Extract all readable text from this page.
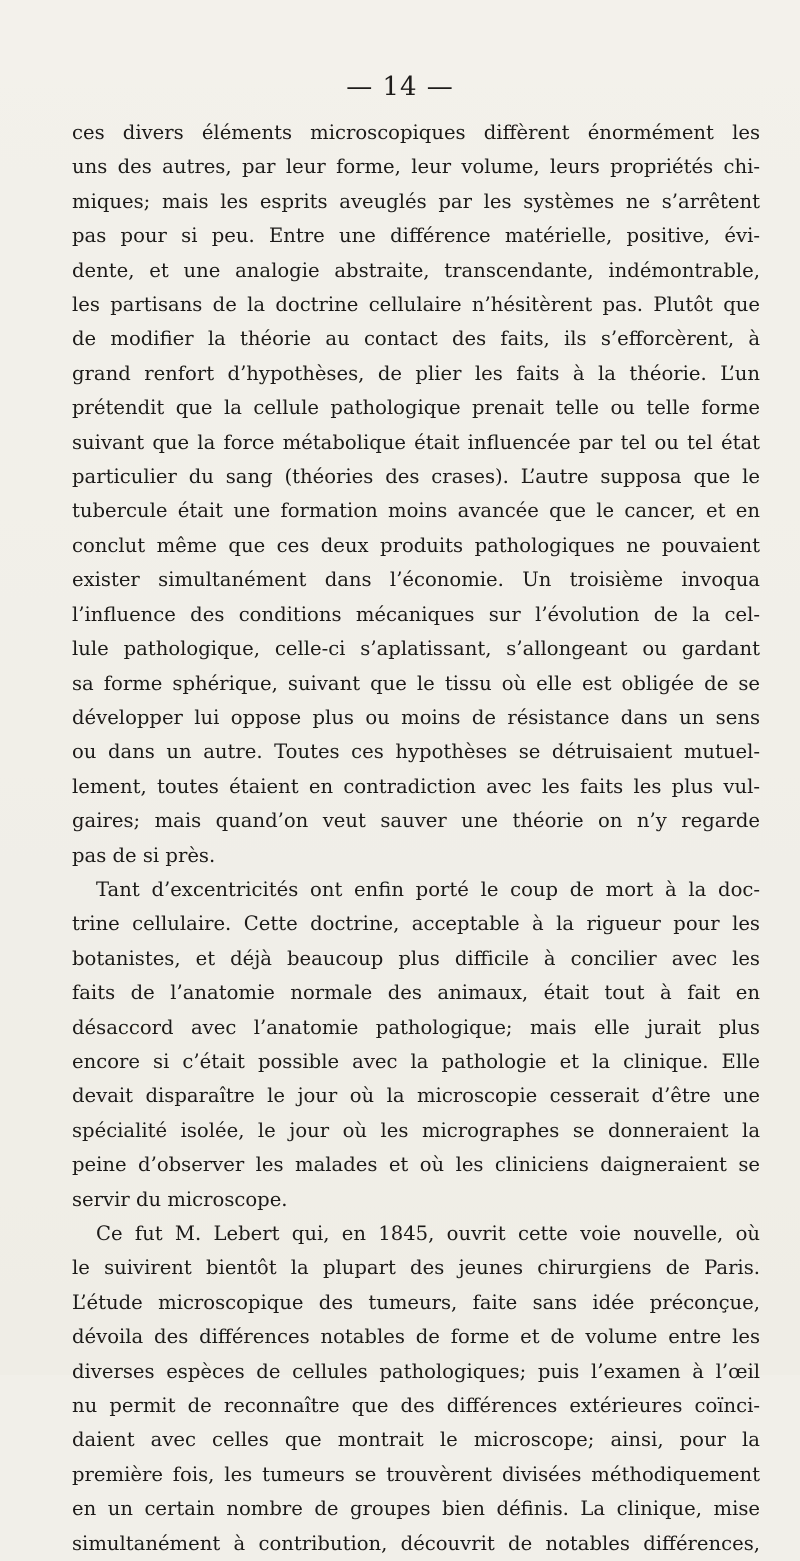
— 14 —
ces divers éléments microscopiques diffèrent énormément les
uns des autres, par leur forme, leur volume, leurs propriétés chi-
miques; mais les esprits aveuglés par les systèmes ne s’arrêtent
pas pour si peu. Entre une différence matérielle, positive, évi-
dente, et une analogie abstraite, transcendante, indémontrable,
les partisans de la doctrine cellulaire n’hésitèrent pas. Plutôt que
de modifier la théorie au contact des faits, ils s’efforcèrent, à
grand renfort d’hypothèses, de plier les faits à la théorie. L’un
prétendit que la cellule pathologique prenait telle ou telle forme
suivant que la force métabolique était influencée par tel ou tel état
particulier du sang (théories des crases). L’autre supposa que le
tubercule était une formation moins avancée que le cancer, et en
conclut même que ces deux produits pathologiques ne pouvaient
exister simultanément dans l’économie. Un troisième invoqua
l’influence des conditions mécaniques sur l’évolution de la cel-
lule pathologique, celle-ci s’aplatissant, s’allongeant ou gardant
sa forme sphérique, suivant que le tissu où elle est obligée de se
développer lui oppose plus ou moins de résistance dans un sens
ou dans un autre. Toutes ces hypothèses se détruisaient mutuel-
lement, toutes étaient en contradiction avec les faits les plus vul-
gaires; mais quand’on veut sauver une théorie on n’y regarde
pas de si près.
Tant d’excentricités ont enfin porté le coup de mort à la doc-
trine cellulaire. Cette doctrine, acceptable à la rigueur pour les
botanistes, et déjà beaucoup plus difficile à concilier avec les
faits de l’anatomie normale des animaux, était tout à fait en
désaccord avec l’anatomie pathologique; mais elle jurait plus
encore si c’était possible avec la pathologie et la clinique. Elle
devait disparaître le jour où la microscopie cesserait d’être une
spécialité isolée, le jour où les micrographes se donneraient la
peine d’observer les malades et où les cliniciens daigneraient se
servir du microscope.
Ce fut M. Lebert qui, en 1845, ouvrit cette voie nouvelle, où
le suivirent bientôt la plupart des jeunes chirurgiens de Paris.
L’étude microscopique des tumeurs, faite sans idée préconçue,
dévoila des différences notables de forme et de volume entre les
diverses espèces de cellules pathologiques; puis l’examen à l’œil
nu permit de reconnaître que des différences extérieures coïnci-
daient avec celles que montrait le microscope; ainsi, pour la
première fois, les tumeurs se trouvèrent divisées méthodiquement
en un certain nombre de groupes bien définis. La clinique, mise
simultanément à contribution, découvrit de notables différences,
